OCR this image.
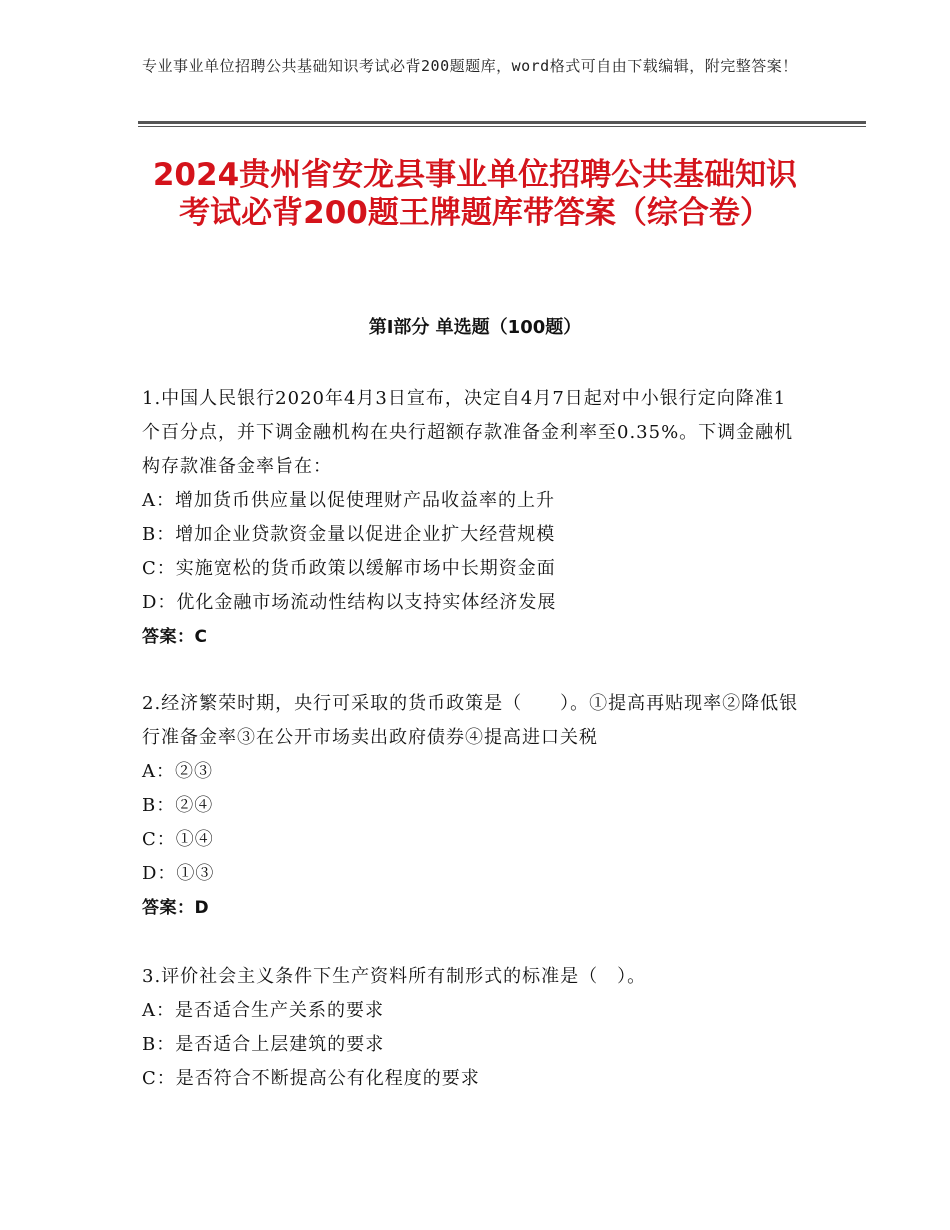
专业事业单位招聘公共基础知识考试必背200题题库，word格式可自由下载编辑，附完整答案！
2024贵州省安龙县事业单位招聘公共基础知识考试必背200题王牌题库带答案（综合卷）
第Ⅰ部分 单选题（100题）
1.中国人民银行2020年4月3日宣布，决定自4月7日起对中小银行定向降准1个百分点，并下调金融机构在央行超额存款准备金利率至0.35%。下调金融机构存款准备金率旨在：
A：增加货币供应量以促使理财产品收益率的上升
B：增加企业贷款资金量以促进企业扩大经营规模
C：实施宽松的货币政策以缓解市场中长期资金面
D：优化金融市场流动性结构以支持实体经济发展
答案：C
2.经济繁荣时期，央行可采取的货币政策是（　　）。①提高再贴现率②降低银行准备金率③在公开市场卖出政府债券④提高进口关税
A：②③
B：②④
C：①④
D：①③
答案：D
3.评价社会主义条件下生产资料所有制形式的标准是（　）。
A：是否适合生产关系的要求
B：是否适合上层建筑的要求
C：是否符合不断提高公有化程度的要求
